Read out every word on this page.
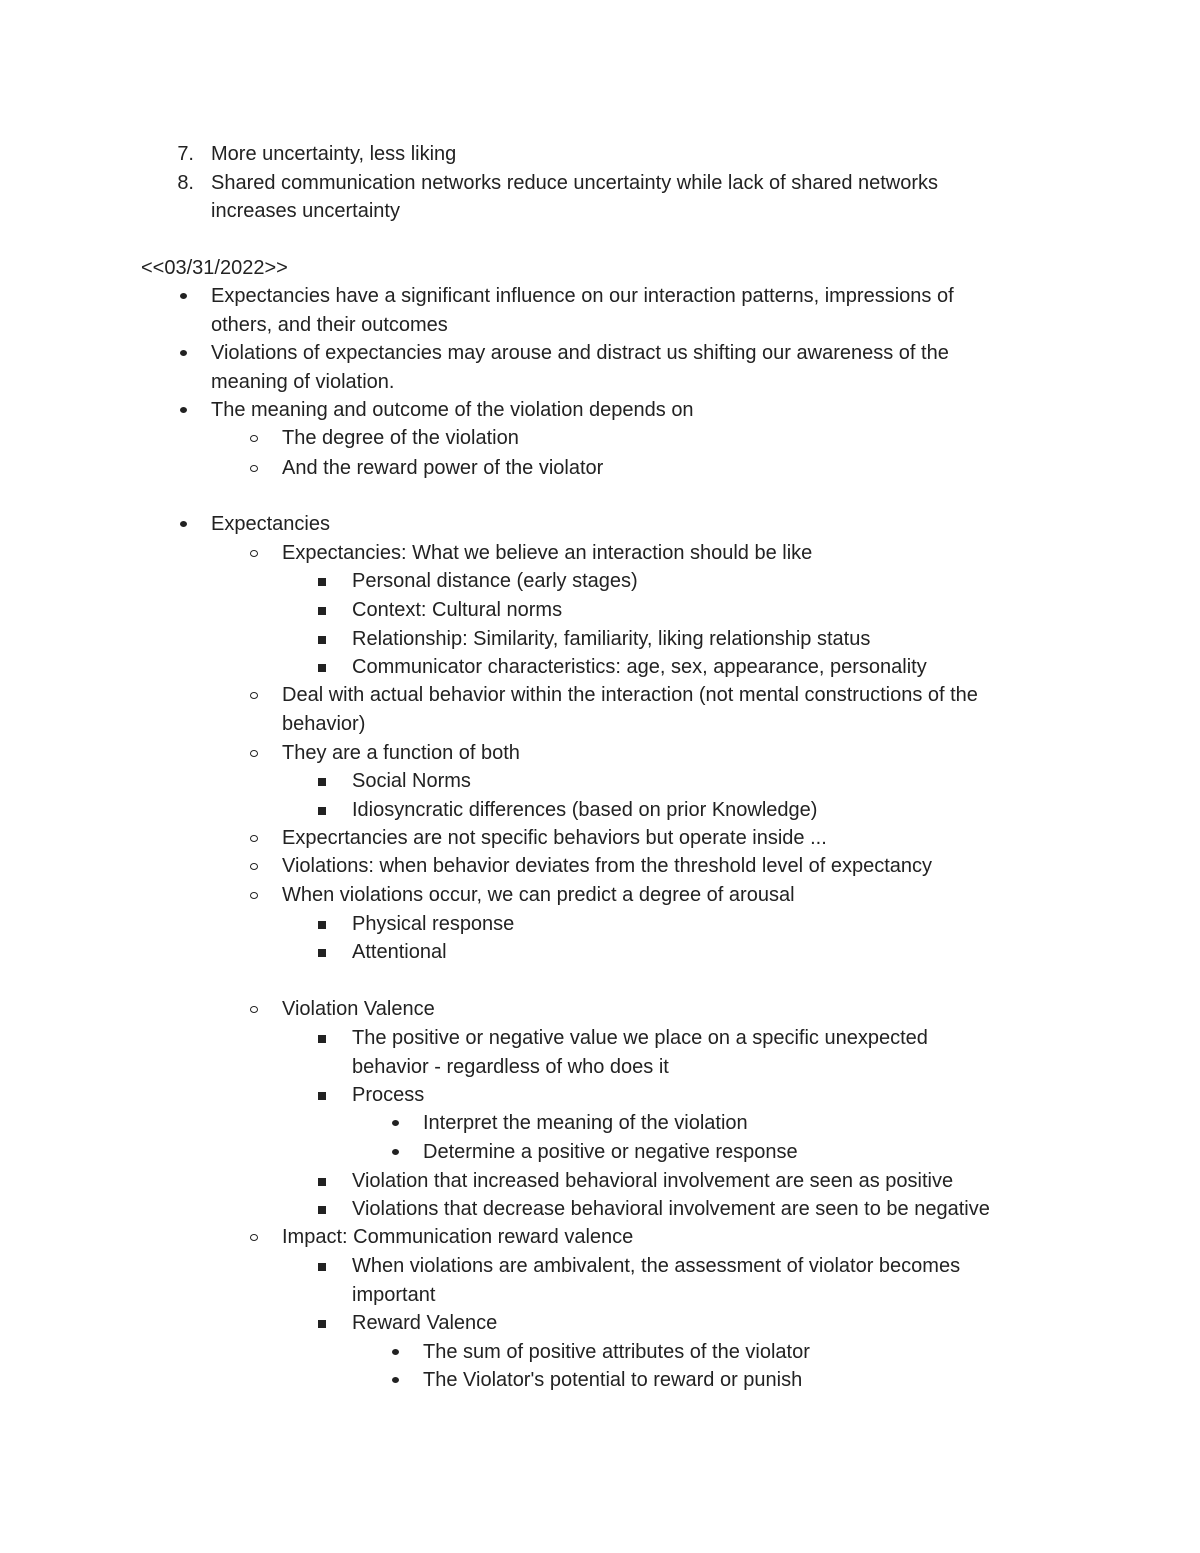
7. More uncertainty, less liking
8. Shared communication networks reduce uncertainty while lack of shared networks
increases uncertainty
<<03/31/2022>>
Expectancies have a significant influence on our interaction patterns, impressions of
others, and their outcomes
Violations of expectancies may arouse and distract us shifting our awareness of the
meaning of violation.
The meaning and outcome of the violation depends on
The degree of the violation
And the reward power of the violator
Expectancies
Expectancies: What we believe an interaction should be like
Personal distance (early stages)
Context: Cultural norms
Relationship: Similarity, familiarity, liking relationship status
Communicator characteristics: age, sex, appearance, personality
Deal with actual behavior within the interaction (not mental constructions of the
behavior)
They are a function of both
Social Norms
Idiosyncratic differences (based on prior Knowledge)
Expecrtancies are not specific behaviors but operate inside ...
Violations: when behavior deviates from the threshold level of expectancy
When violations occur, we can predict a degree of arousal
Physical response
Attentional
Violation Valence
The positive or negative value we place on a specific unexpected
behavior - regardless of who does it
Process
Interpret the meaning of the violation
Determine a positive or negative response
Violation that increased behavioral involvement are seen as positive
Violations that decrease behavioral involvement are seen to be negative
Impact: Communication reward valence
When violations are ambivalent, the assessment of violator becomes
important
Reward Valence
The sum of positive attributes of the violator
The Violator's potential to reward or punish
